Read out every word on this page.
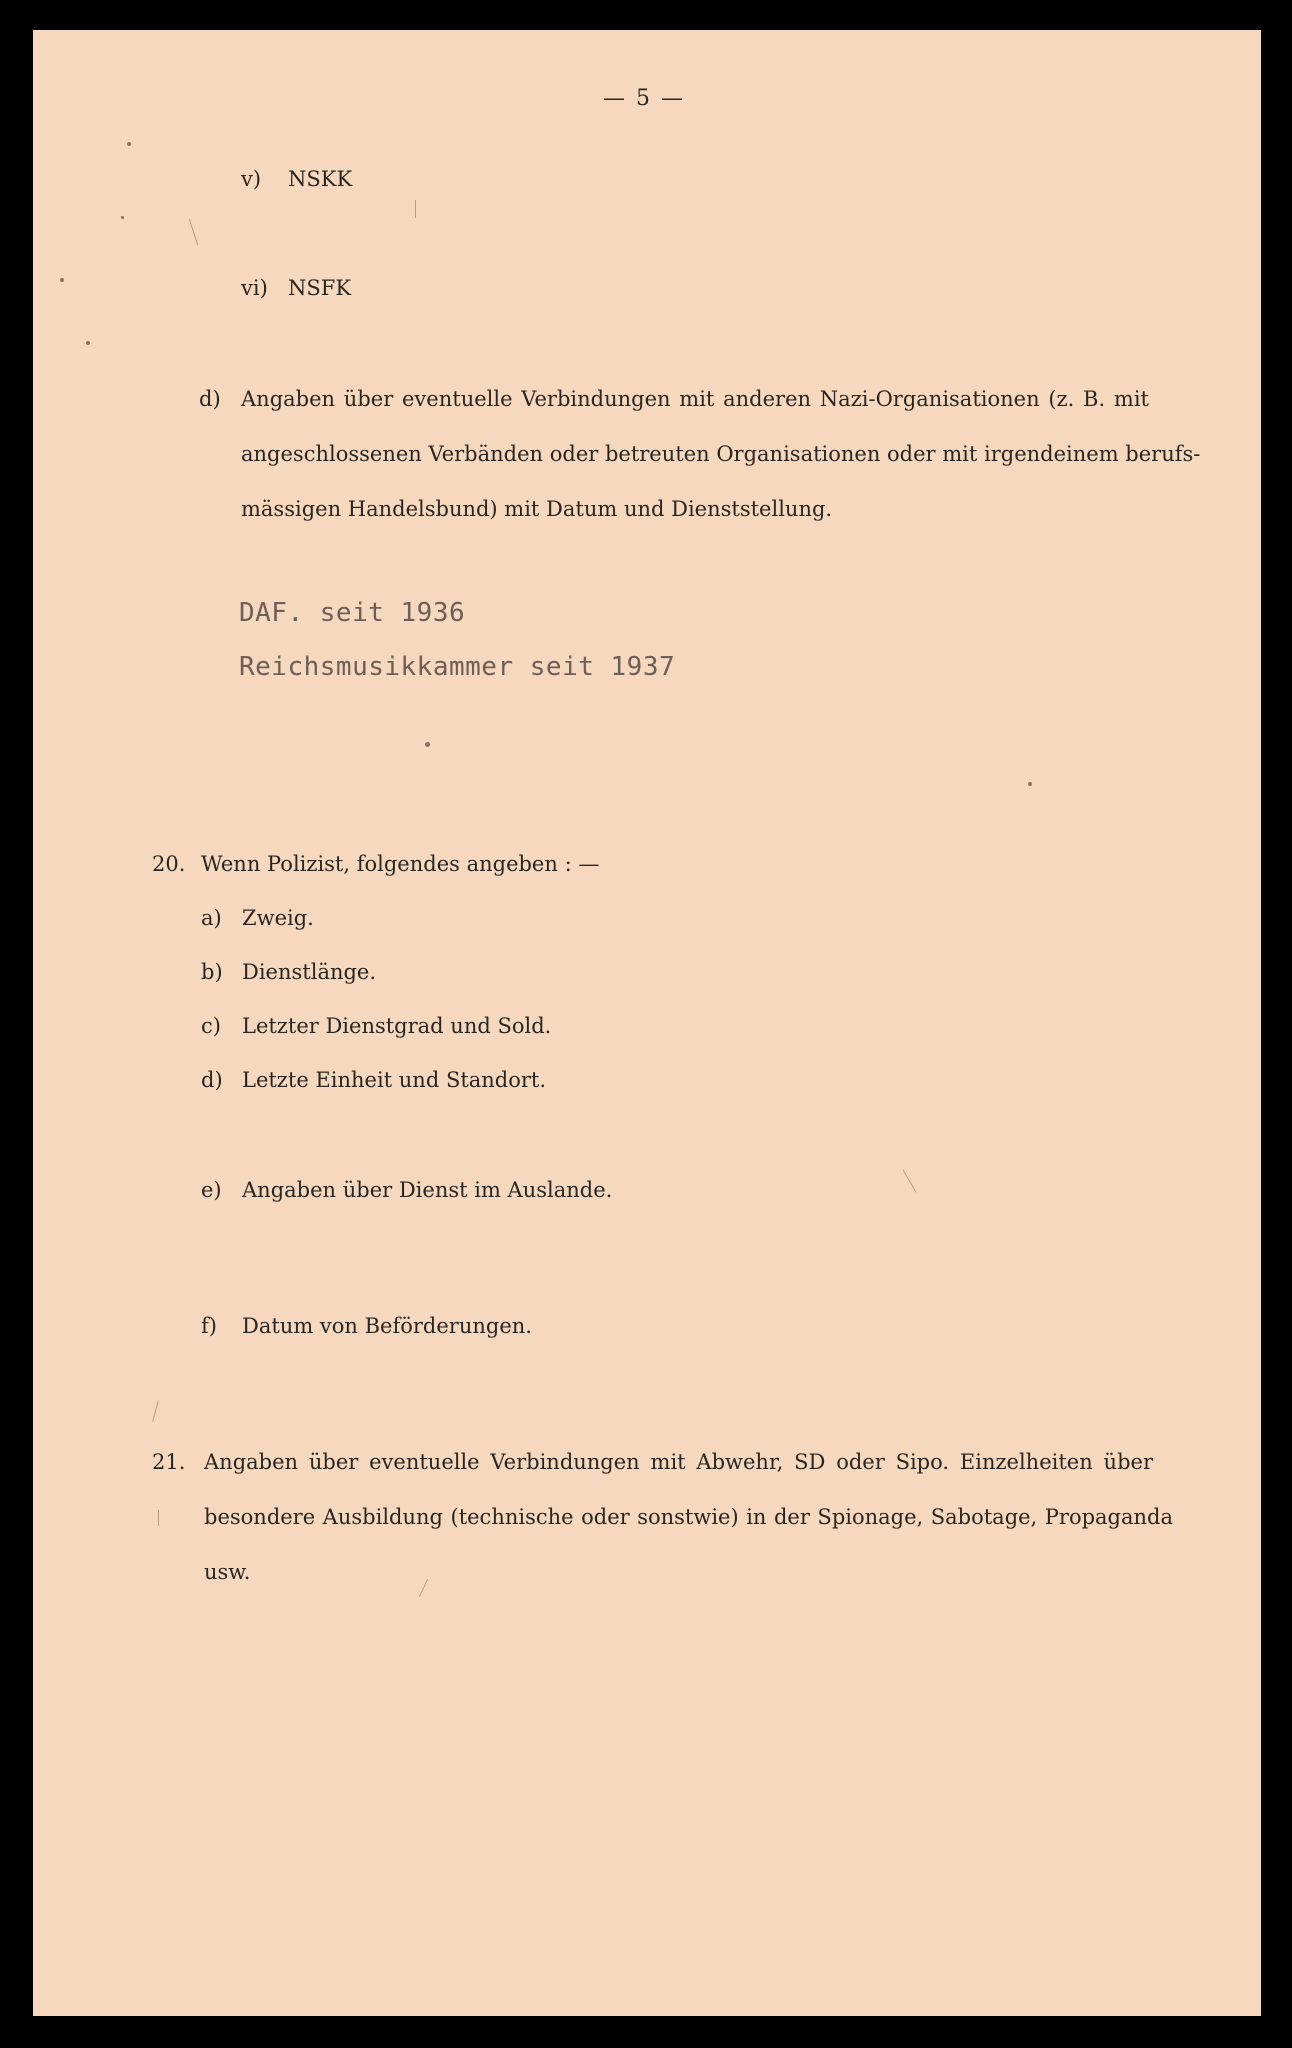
— 5 —
v) NSKK
vi) NSFK
d) Angaben über eventuelle Verbindungen mit anderen Nazi-Organisationen (z. B. mit
angeschlossenen Verbänden oder betreuten Organisationen oder mit irgendeinem berufs-
mässigen Handelsbund) mit Datum und Dienststellung.
DAF. seit 1936
Reichsmusikkammer seit 1937
20. Wenn Polizist, folgendes angeben : —
a) Zweig.
b) Dienstlänge.
c) Letzter Dienstgrad und Sold.
d) Letzte Einheit und Standort.
e) Angaben über Dienst im Auslande.
f) Datum von Beförderungen.
21. Angaben über eventuelle Verbindungen mit Abwehr, SD oder Sipo. Einzelheiten über
besondere Ausbildung (technische oder sonstwie) in der Spionage, Sabotage, Propaganda
usw.
